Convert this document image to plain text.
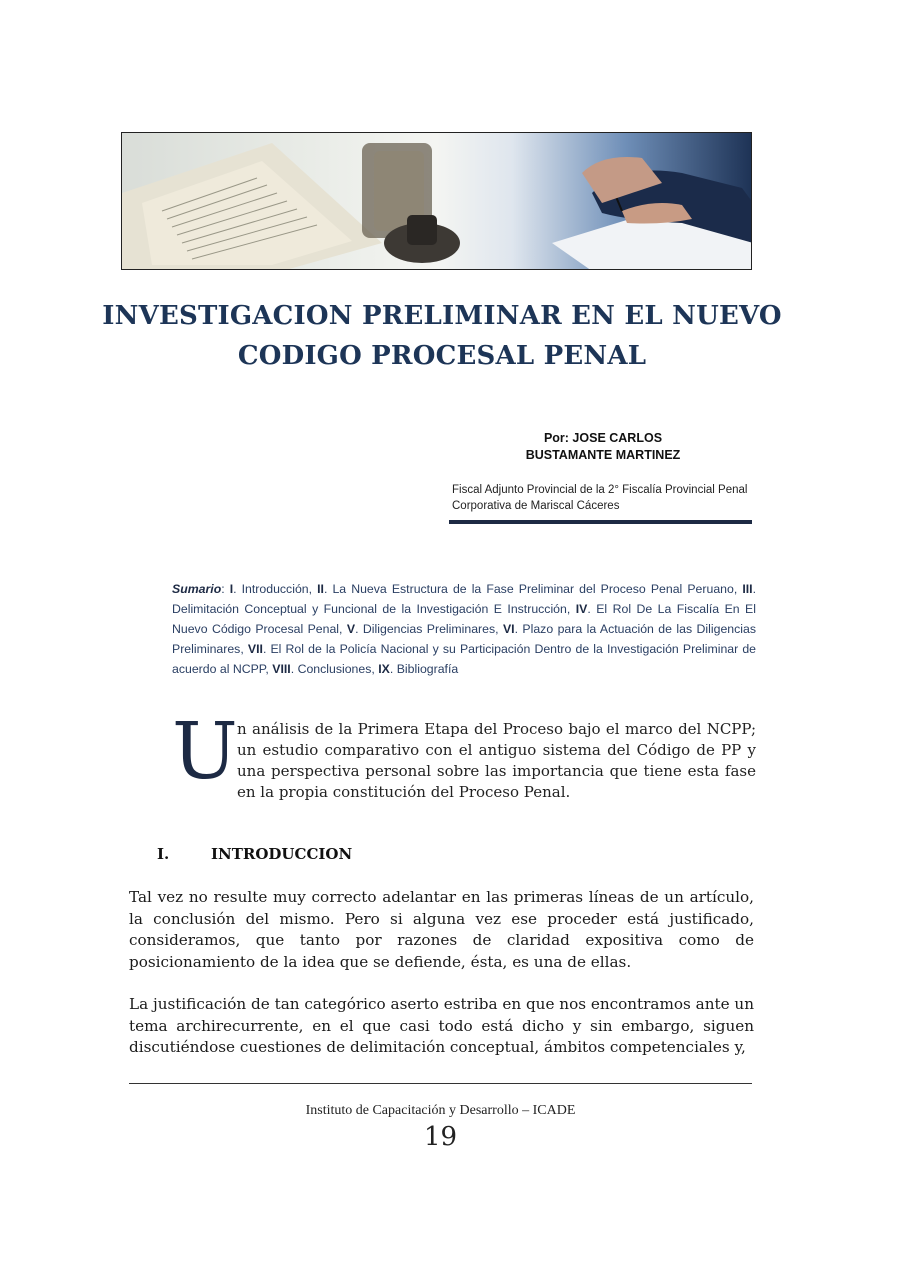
INVESTIGACION PRELIMINAR EN EL NUEVO
CODIGO PROCESAL PENAL
Por: JOSE CARLOS
BUSTAMANTE MARTINEZ
Fiscal Adjunto Provincial de la 2° Fiscalía Provincial Penal
Corporativa de Mariscal Cáceres
Sumario: I. Introducción, II. La Nueva Estructura de la Fase Preliminar del Proceso Penal Peruano, III. Delimitación Conceptual y Funcional de la Investigación E Instrucción, IV. El Rol De La Fiscalía En El Nuevo Código Procesal Penal, V. Diligencias Preliminares, VI. Plazo para la Actuación de las Diligencias Preliminares, VII. El Rol de la Policía Nacional y su Participación Dentro de la Investigación Preliminar de acuerdo al NCPP, VIII. Conclusiones, IX. Bibliografía
U n análisis de la Primera Etapa del Proceso bajo el marco del NCPP; un estudio comparativo con el antiguo sistema del Código de PP y una perspectiva personal sobre las importancia que tiene esta fase en la propia constitución del Proceso Penal.
I.	INTRODUCCION
Tal vez no resulte muy correcto adelantar en las primeras líneas de un artículo, la conclusión del mismo. Pero si alguna vez ese proceder está justificado, consideramos, que tanto por razones de claridad expositiva como de posicionamiento de la idea que se defiende, ésta, es una de ellas.
La justificación de tan categórico aserto estriba en que nos encontramos ante un tema archirecurrente, en el que casi todo está dicho y sin embargo, siguen discutiéndose cuestiones de delimitación conceptual, ámbitos competenciales y,
Instituto de Capacitación y Desarrollo – ICADE
19
